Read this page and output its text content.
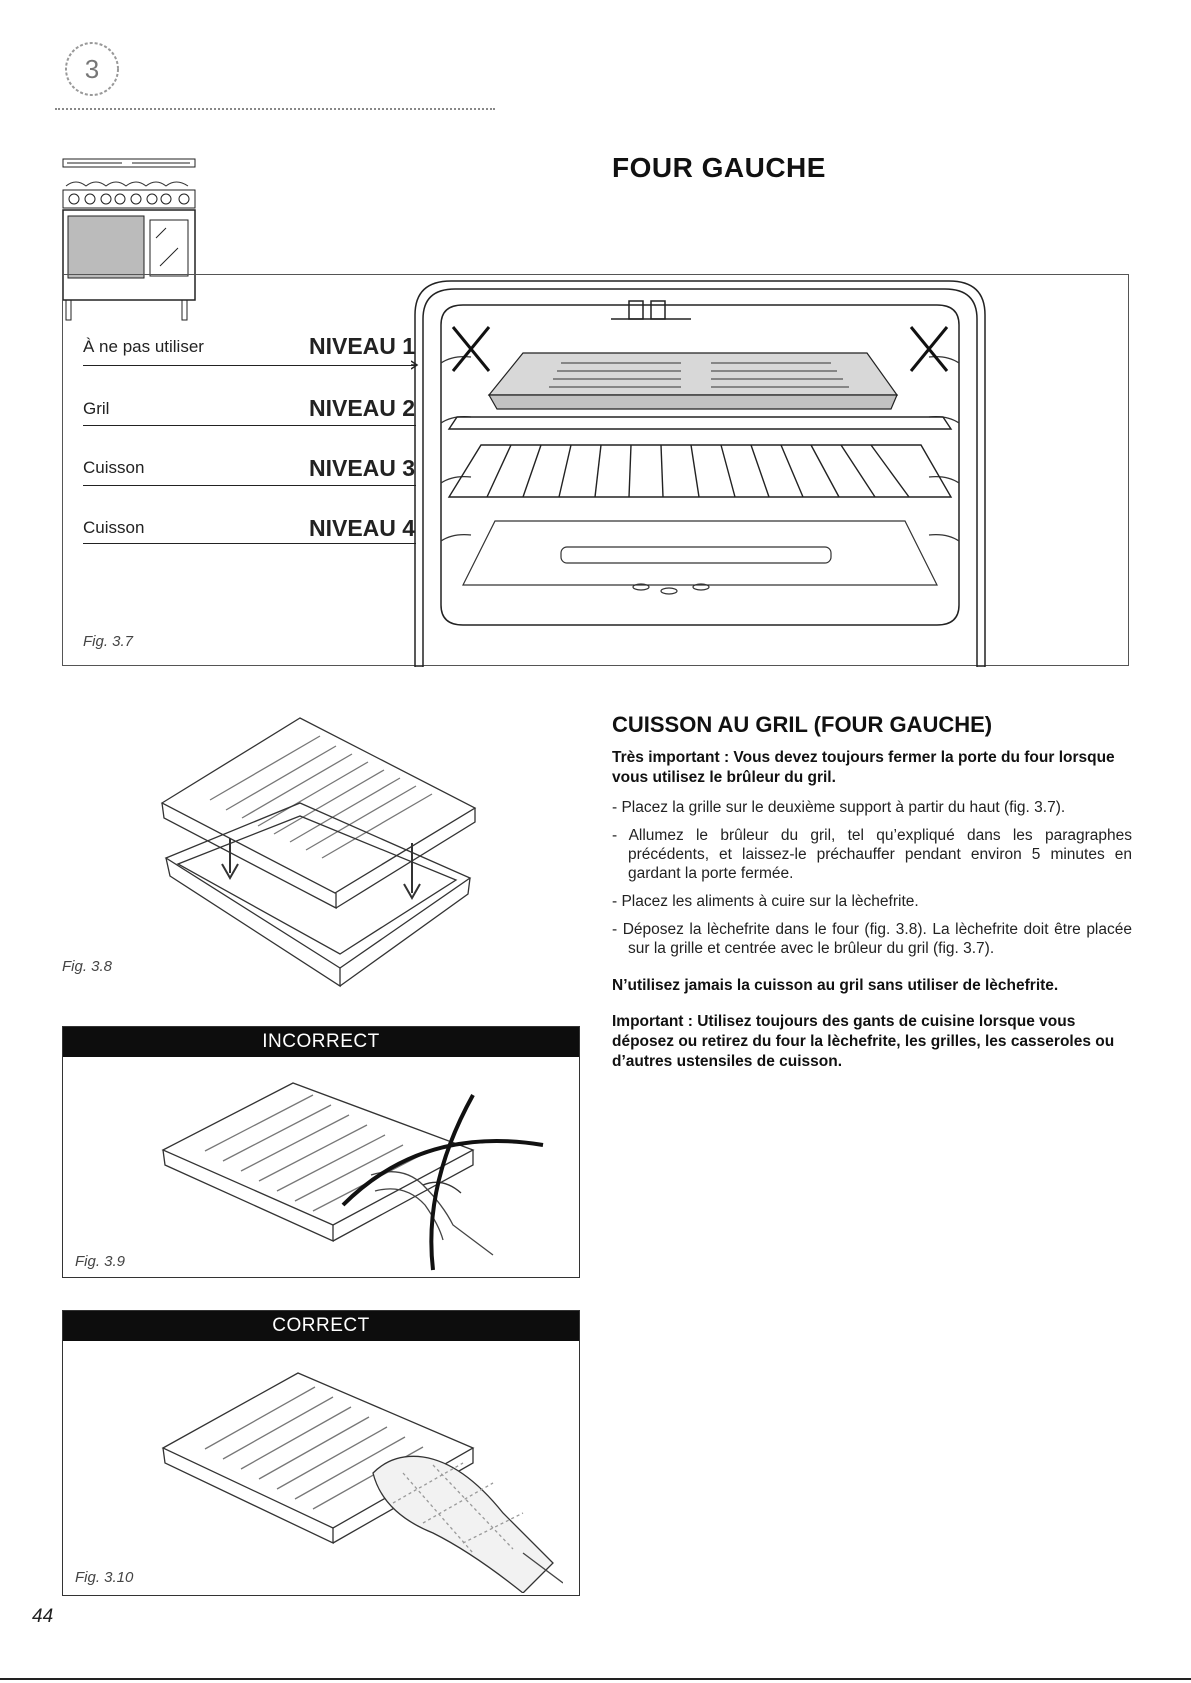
3
FOUR GAUCHE
À ne pas utiliser	NIVEAU 1
Gril	NIVEAU 2
Cuisson	NIVEAU 3
Cuisson	NIVEAU 4
Fig. 3.7
Fig. 3.8
INCORRECT
Fig. 3.9
CORRECT
Fig. 3.10
CUISSON AU GRIL (FOUR GAUCHE)
Très important : Vous devez toujours fermer la porte du four lorsque vous utilisez le brûleur du gril.
- Placez la grille sur le deuxième support à partir du haut (fig. 3.7).
- Allumez le brûleur du gril, tel qu’expliqué dans les paragraphes précédents, et laissez-le préchauffer pendant environ 5 minutes en gardant la porte fermée.
- Placez les aliments à cuire sur la lèchefrite.
- Déposez la lèchefrite dans le four (fig. 3.8). La lèchefrite doit être placée sur la grille et centrée avec le brûleur du gril (fig. 3.7).
N’utilisez jamais la cuisson au gril sans utiliser de lèchefrite.
Important : Utilisez toujours des gants de cuisine lorsque vous déposez ou retirez du four la lèchefrite, les grilles, les casseroles ou d’autres ustensiles de cuisson.
44
